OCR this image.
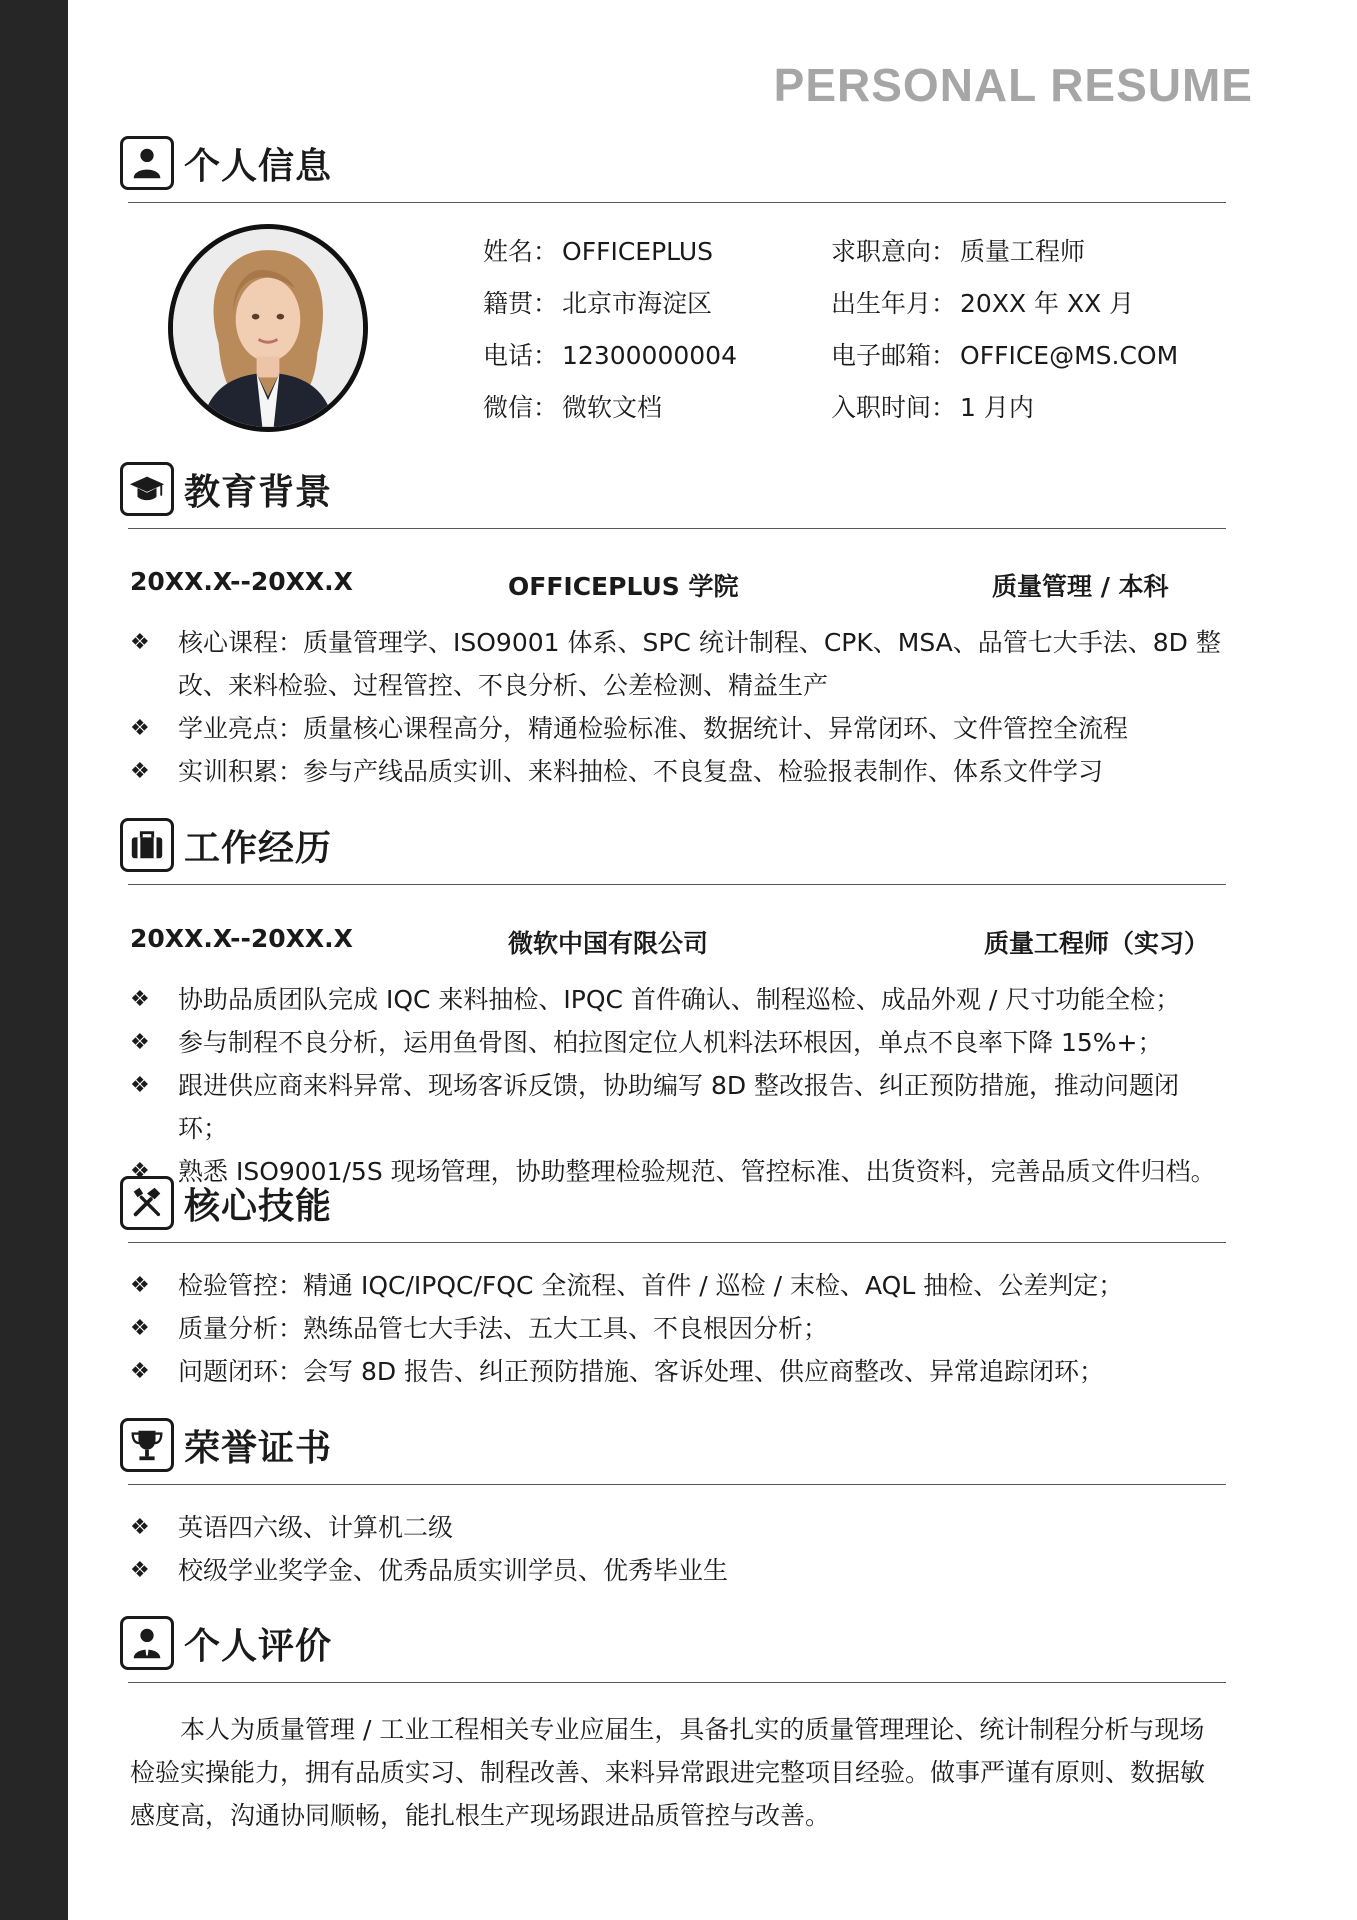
PERSONAL RESUME
个人信息
姓名： OFFICEPLUS	求职意向： 质量工程师
籍贯： 北京市海淀区	出生年月： 20XX 年 XX 月
电话： 12300000004	电子邮箱： OFFICE@MS.COM
微信： 微软文档	入职时间： 1 月内
教育背景
20XX.X--20XX.X	OFFICEPLUS 学院	质量管理 / 本科
❖ 核心课程：质量管理学、ISO9001 体系、SPC 统计制程、CPK、MSA、品管七大手法、8D 整改、来料检验、过程管控、不良分析、公差检测、精益生产
❖ 学业亮点：质量核心课程高分，精通检验标准、数据统计、异常闭环、文件管控全流程
❖ 实训积累：参与产线品质实训、来料抽检、不良复盘、检验报表制作、体系文件学习
工作经历
20XX.X--20XX.X	微软中国有限公司	质量工程师（实习）
❖ 协助品质团队完成 IQC 来料抽检、IPQC 首件确认、制程巡检、成品外观 / 尺寸功能全检；
❖ 参与制程不良分析，运用鱼骨图、柏拉图定位人机料法环根因，单点不良率下降 15%+；
❖ 跟进供应商来料异常、现场客诉反馈，协助编写 8D 整改报告、纠正预防措施，推动问题闭环；
❖ 熟悉 ISO9001/5S 现场管理，协助整理检验规范、管控标准、出货资料，完善品质文件归档。
核心技能
❖ 检验管控：精通 IQC/IPQC/FQC 全流程、首件 / 巡检 / 末检、AQL 抽检、公差判定；
❖ 质量分析：熟练品管七大手法、五大工具、不良根因分析；
❖ 问题闭环：会写 8D 报告、纠正预防措施、客诉处理、供应商整改、异常追踪闭环；
荣誉证书
❖ 英语四六级、计算机二级
❖ 校级学业奖学金、优秀品质实训学员、优秀毕业生
个人评价

本人为质量管理 / 工业工程相关专业应届生，具备扎实的质量管理理论、统计制程分析与现场检验实操能力，拥有品质实习、制程改善、来料异常跟进完整项目经验。做事严谨有原则、数据敏感度高，沟通协同顺畅，能扎根生产现场跟进品质管控与改善。
